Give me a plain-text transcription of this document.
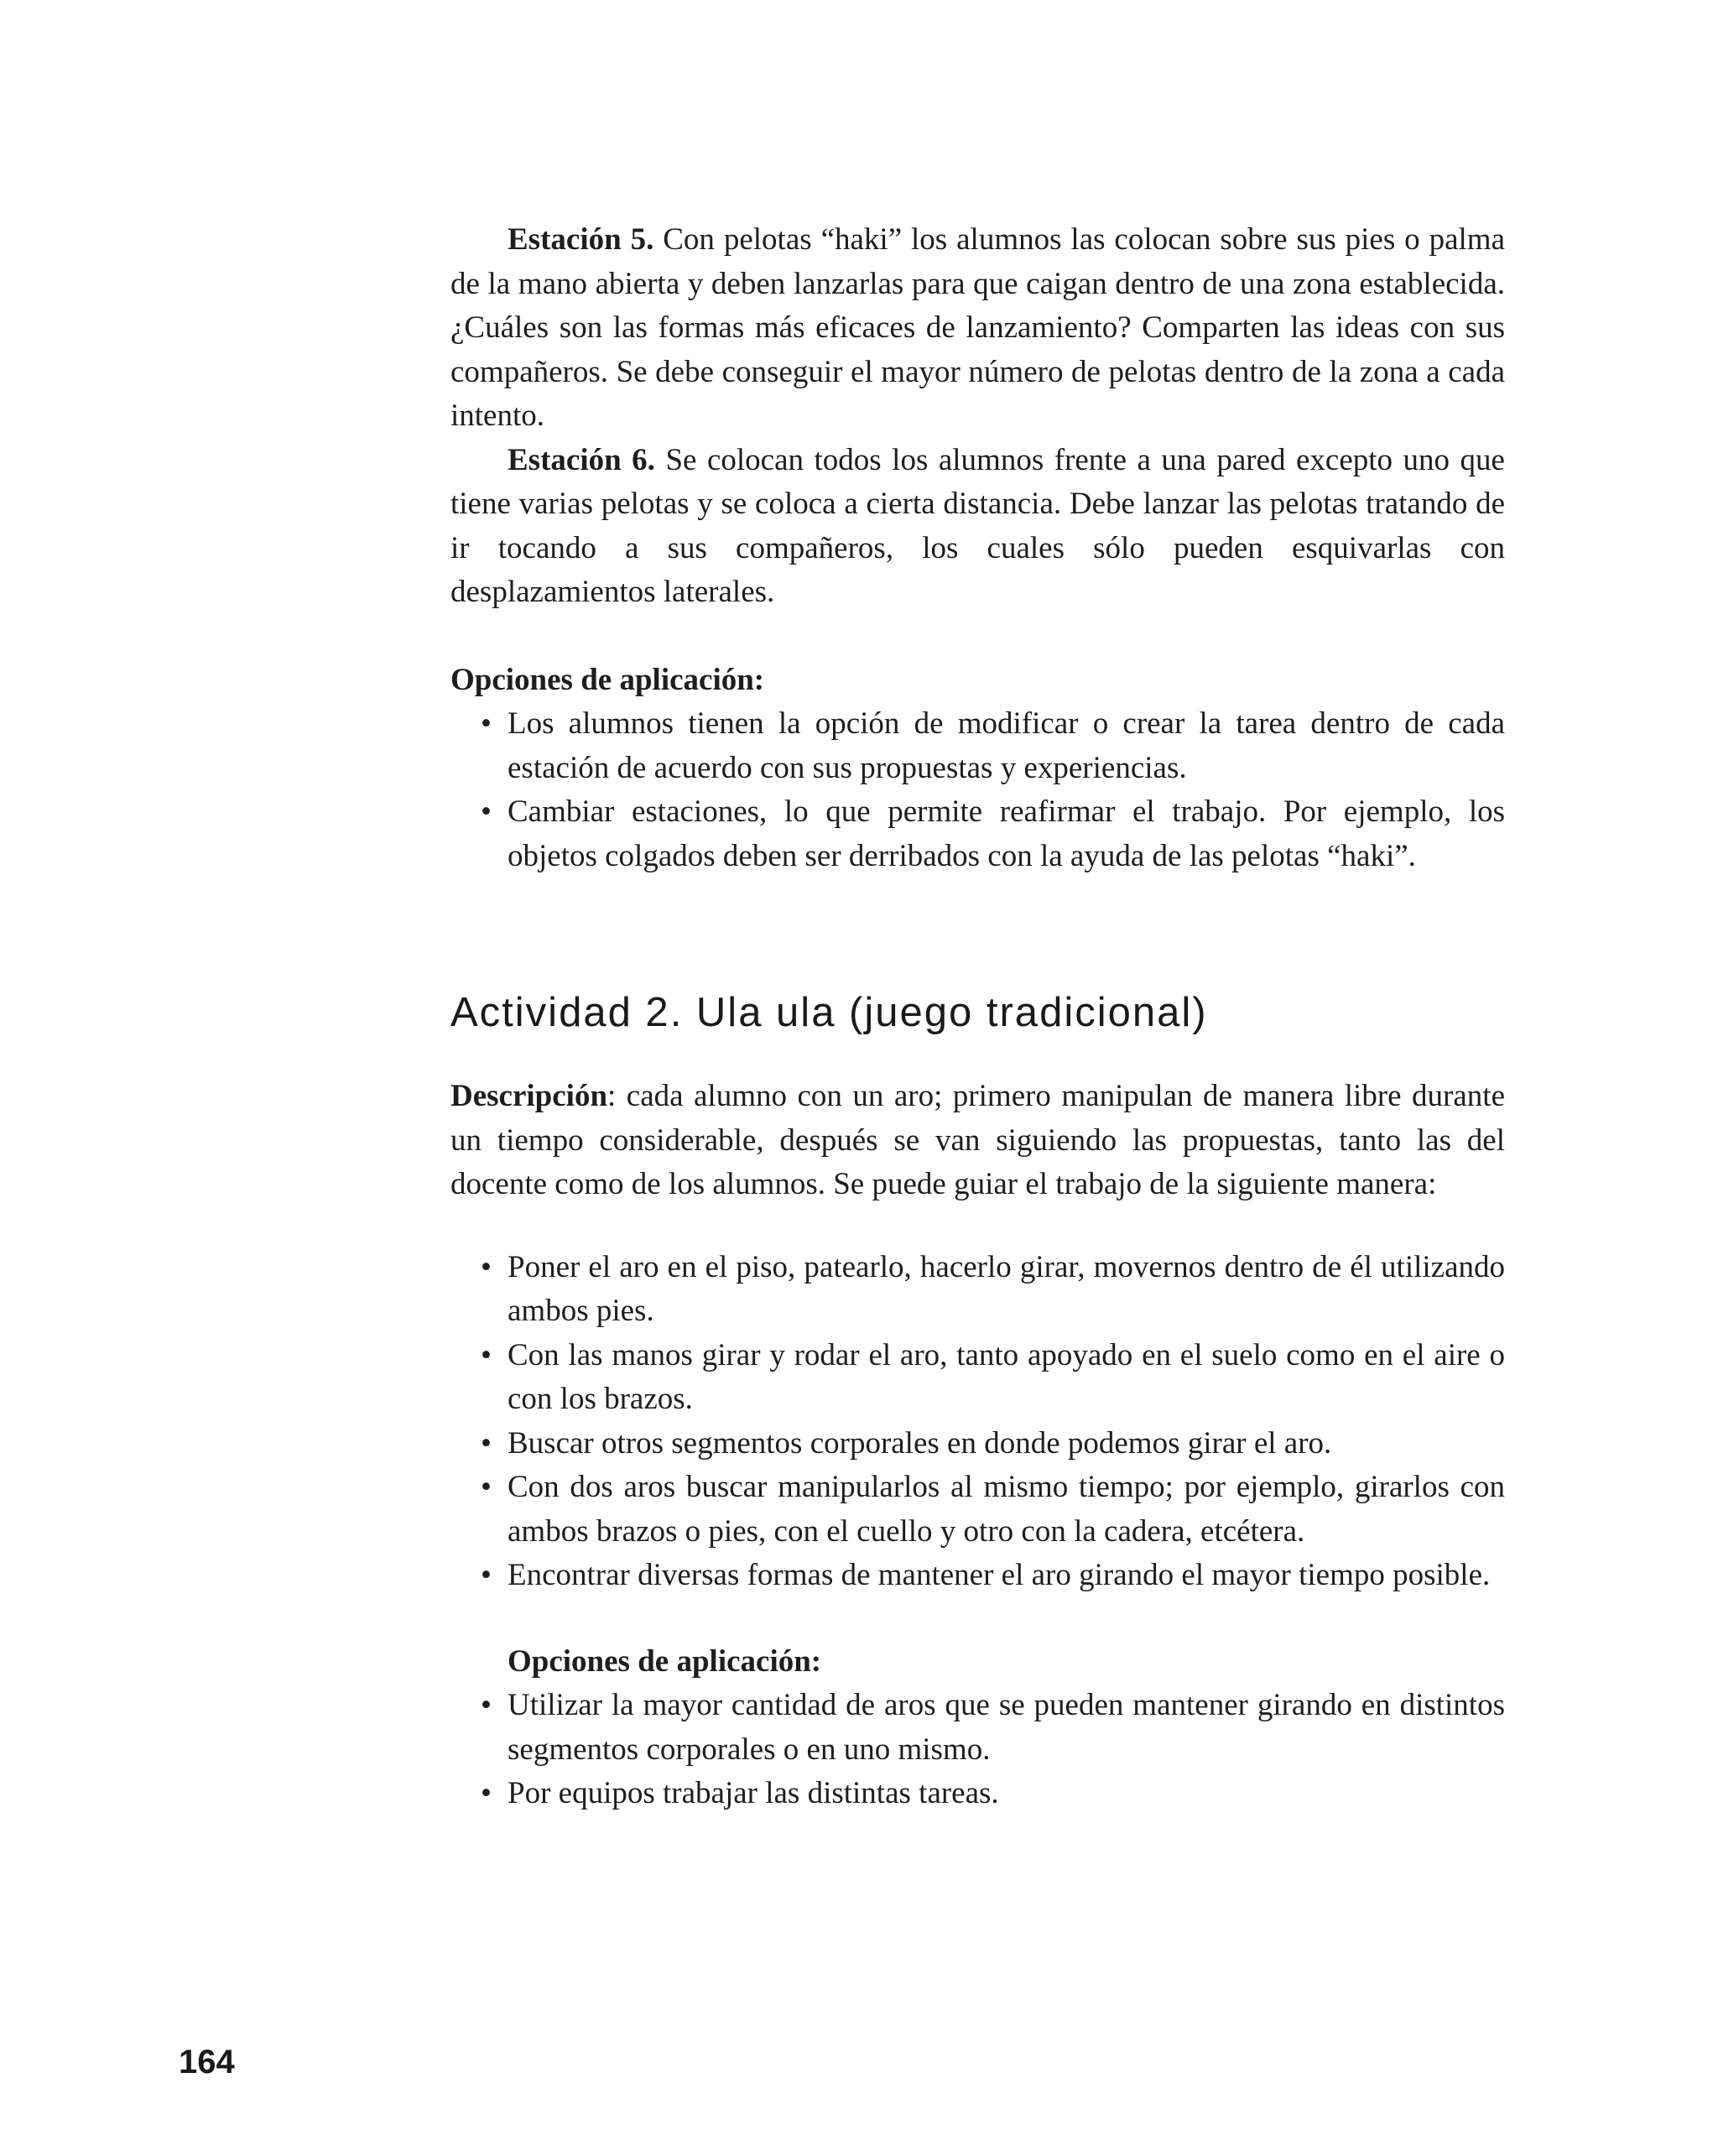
Estación 5. Con pelotas “haki” los alumnos las colocan sobre sus pies o palma de la mano abierta y deben lanzarlas para que caigan dentro de una zona establecida. ¿Cuáles son las formas más eficaces de lanzamiento? Comparten las ideas con sus compañeros. Se debe conseguir el mayor número de pelotas dentro de la zona a cada intento.

Estación 6. Se colocan todos los alumnos frente a una pared excepto uno que tiene varias pelotas y se coloca a cierta distancia. Debe lanzar las pelotas tratando de ir tocando a sus compañeros, los cuales sólo pueden esquivarlas con desplazamientos laterales.

Opciones de aplicación:
• Los alumnos tienen la opción de modificar o crear la tarea dentro de cada estación de acuerdo con sus propuestas y experiencias.
• Cambiar estaciones, lo que permite reafirmar el trabajo. Por ejemplo, los objetos colgados deben ser derribados con la ayuda de las pelotas “haki”.
Actividad 2. Ula ula (juego tradicional)

Descripción: cada alumno con un aro; primero manipulan de manera libre durante un tiempo considerable, después se van siguiendo las propuestas, tanto las del docente como de los alumnos. Se puede guiar el trabajo de la siguiente manera:

• Poner el aro en el piso, patearlo, hacerlo girar, movernos dentro de él utilizando ambos pies.
• Con las manos girar y rodar el aro, tanto apoyado en el suelo como en el aire o con los brazos.
• Buscar otros segmentos corporales en donde podemos girar el aro.
• Con dos aros buscar manipularlos al mismo tiempo; por ejemplo, girarlos con ambos brazos o pies, con el cuello y otro con la cadera, etcétera.
• Encontrar diversas formas de mantener el aro girando el mayor tiempo posible.
Opciones de aplicación:
• Utilizar la mayor cantidad de aros que se pueden mantener girando en distintos segmentos corporales o en uno mismo.
• Por equipos trabajar las distintas tareas.
164
